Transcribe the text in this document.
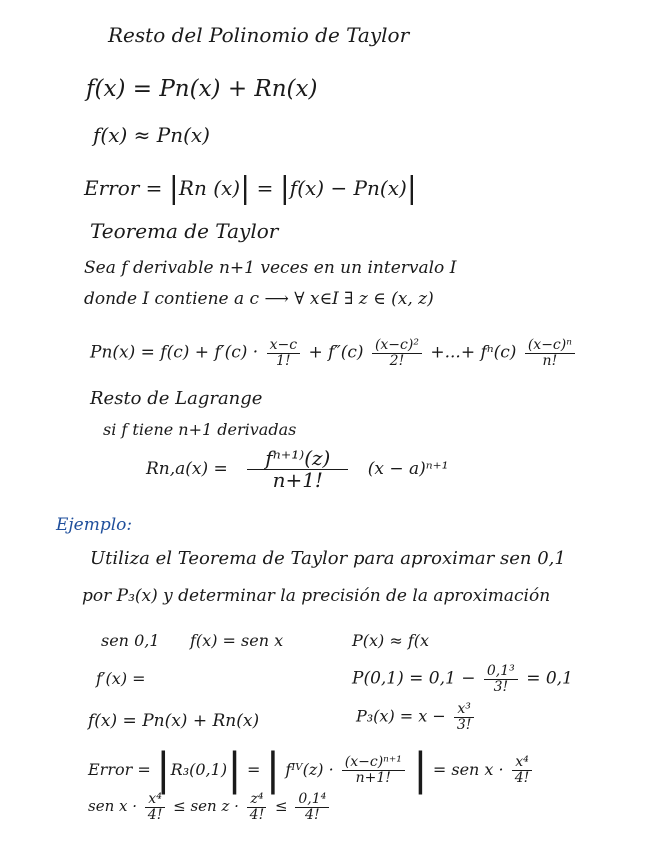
Resto del Polinomio de Taylor
f(x) = Pn(x) + Rn(x)
f(x) ≈ Pn(x)
Error = |Rn (x)| = |f(x) − Pn(x)|
Teorema de Taylor
Sea f derivable n+1 veces en un intervalo I
donde I contiene a c ⟶ ∀ x∈I ∃ z ∈ (x, z)
$Pn(x) = f(c) + f'(c) \cdot \frac{x-c}{1!} + f''(c) \frac{\text{(x−c)²}}{2!}$ +...+ $f^n(c) \frac{\text{(x−c)ⁿ}}{n!}$
Resto de Lagrange
si f tiene n+1 derivadas
$Rn,a(x) = \frac{\text{fⁿ⁺¹⁾(z)}}{n+1!} (x - a)^{n+1}$
Ejemplo:
Utiliza el Teorema de Taylor para aproximar sen 0,1
por P₃(x) y determinar la precisión de la aproximación
sen 0,1 f(x) = sen x	P(x) ≈ f(x
f′(x) =	$P(0,1) = 0,1 - \frac{\text{0,1³}}{3!} = 0,1$
$P_3(x) = x - \frac{\text{x³}}{3!}$
f(x) = Pn(x) + Rn(x)
Error = |R₃(0,1)| = | fᴵⱽ(z) · $\frac{\text{(x−c)ⁿ⁺¹}}{n+1!}$ | = sen $x \cdot \frac{\text{x⁴}}{4!}$
sen $x \cdot \frac{\text{x⁴}}{4!}$ ≤ sen $z \cdot \frac{\text{z⁴}}{4!} \le \frac{\text{0,1⁴}}{4!}$
